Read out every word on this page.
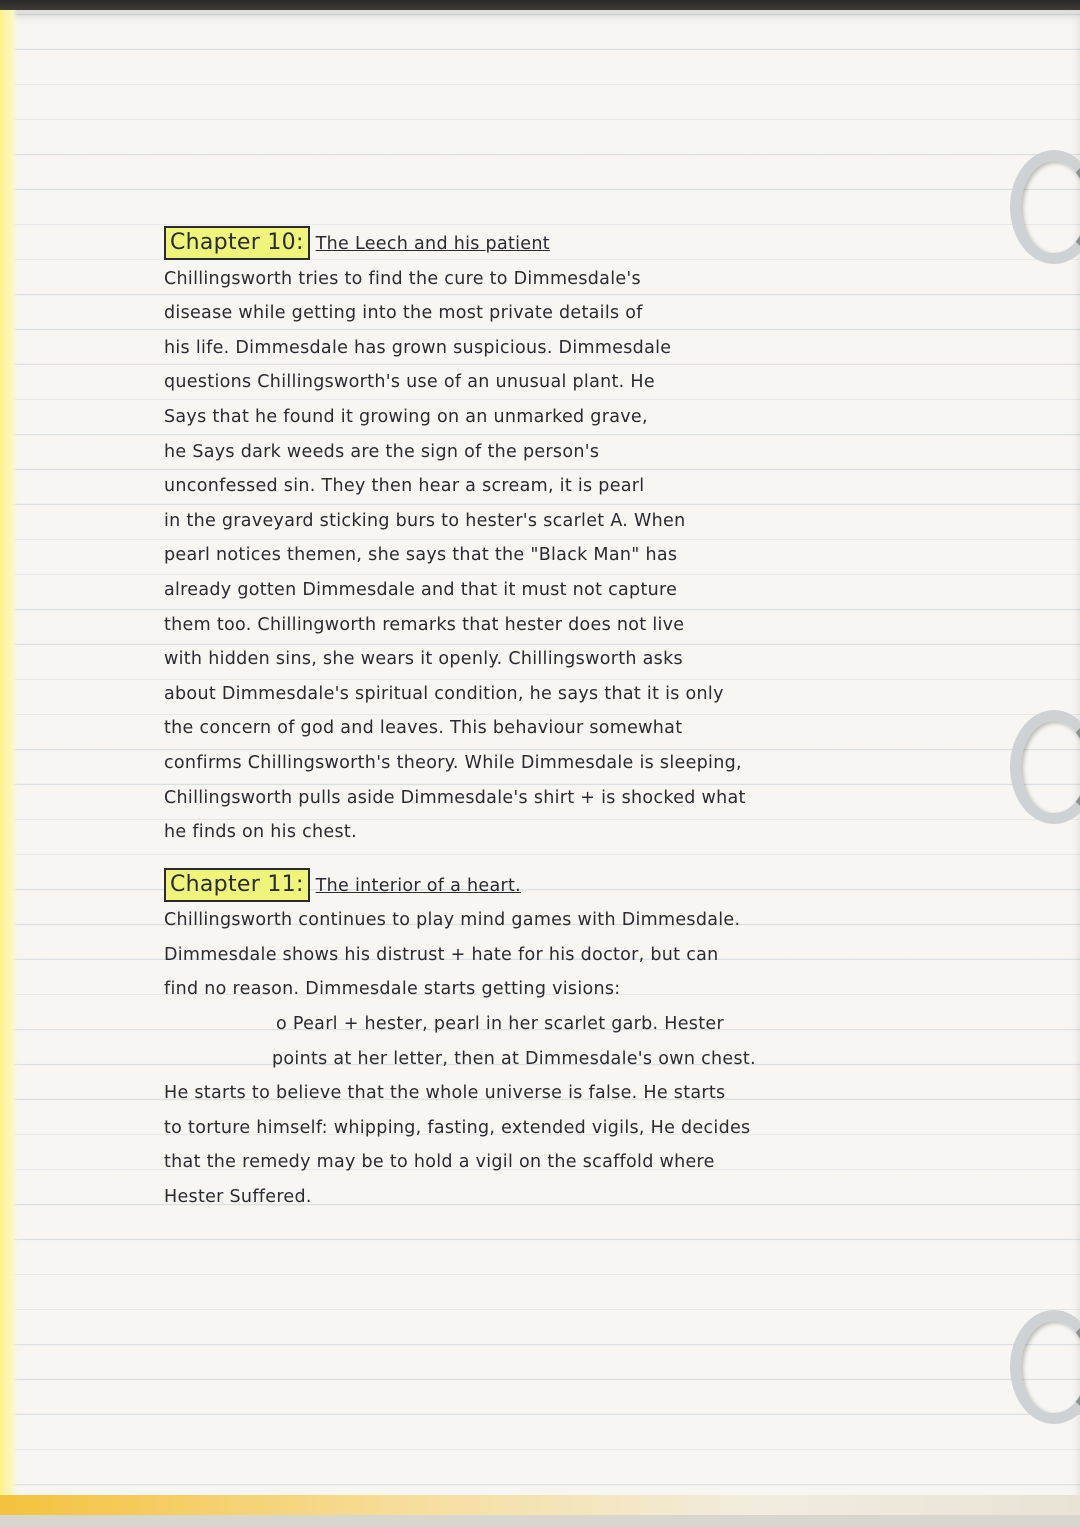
Chapter 10: The Leech and his patient
Chillingsworth tries to find the cure to Dimmesdale's
disease while getting into the most private details of
his life. Dimmesdale has grown suspicious. Dimmesdale
questions Chillingsworth's use of an unusual plant. He
Says that he found it growing on an unmarked grave,
he Says dark weeds are the sign of the person's
unconfessed sin. They then hear a scream, it is pearl
in the graveyard sticking burs to hester's scarlet A. When
pearl notices themen, she says that the "Black Man" has
already gotten Dimmesdale and that it must not capture
them too. Chillingworth remarks that hester does not live
with hidden sins, she wears it openly. Chillingsworth asks
about Dimmesdale's spiritual condition, he says that it is only
the concern of god and leaves. This behaviour somewhat
confirms Chillingsworth's theory. While Dimmesdale is sleeping,
Chillingsworth pulls aside Dimmesdale's shirt + is shocked what
he finds on his chest.
Chapter 11: The interior of a heart.
Chillingsworth continues to play mind games with Dimmesdale.
Dimmesdale shows his distrust + hate for his doctor, but can
find no reason. Dimmesdale starts getting visions:
o Pearl + hester, pearl in her scarlet garb. Hester
points at her letter, then at Dimmesdale's own chest.
He starts to believe that the whole universe is false. He starts
to torture himself: whipping, fasting, extended vigils, He decides
that the remedy may be to hold a vigil on the scaffold where
Hester Suffered.
